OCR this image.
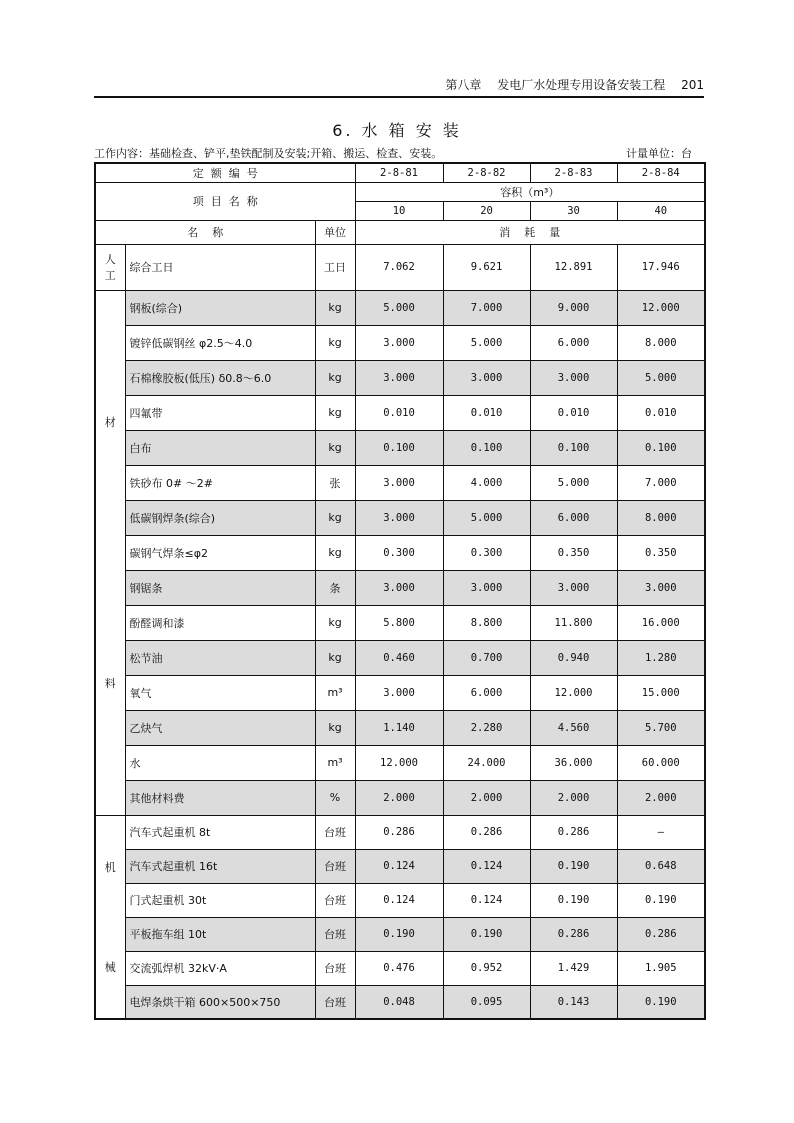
第八章 发电厂水处理专用设备安装工程 201
6. 水 箱 安 装
工作内容：基础检查、铲平,垫铁配制及安装;开箱、搬运、检查、安装。	计量单位：台
定  额  编  号			2-8-81	2-8-82	2-8-83	2-8-84
项  目  名  称			容积（m³）			
			10	20	30	40
名    称		单位	消    耗    量			

人
工	综合工日	工日	7.062	9.621	12.891	17.946

材
料	钢板(综合)	kg	5.000	7.000	9.000	12.000
	镀锌低碳钢丝 φ2.5～4.0	kg	3.000	5.000	6.000	8.000
	石棉橡胶板(低压) δ0.8～6.0	kg	3.000	3.000	3.000	5.000
	四氟带	kg	0.010	0.010	0.010	0.010
	白布	kg	0.100	0.100	0.100	0.100
	铁砂布 0# ～2#	张	3.000	4.000	5.000	7.000
	低碳钢焊条(综合)	kg	3.000	5.000	6.000	8.000
	碳钢气焊条≤φ2	kg	0.300	0.300	0.350	0.350
	钢锯条	条	3.000	3.000	3.000	3.000
	酚醛调和漆	kg	5.800	8.800	11.800	16.000
	松节油	kg	0.460	0.700	0.940	1.280
	氧气	m³	3.000	6.000	12.000	15.000
	乙炔气	kg	1.140	2.280	4.560	5.700
	水	m³	12.000	24.000	36.000	60.000
	其他材料费	%	2.000	2.000	2.000	2.000

机
械	汽车式起重机 8t	台班	0.286	0.286	0.286	—
	汽车式起重机 16t	台班	0.124	0.124	0.190	0.648
	门式起重机 30t	台班	0.124	0.124	0.190	0.190
	平板拖车组 10t	台班	0.190	0.190	0.286	0.286
	交流弧焊机 32kV·A	台班	0.476	0.952	1.429	1.905
	电焊条烘干箱 600×500×750	台班	0.048	0.095	0.143	0.190
